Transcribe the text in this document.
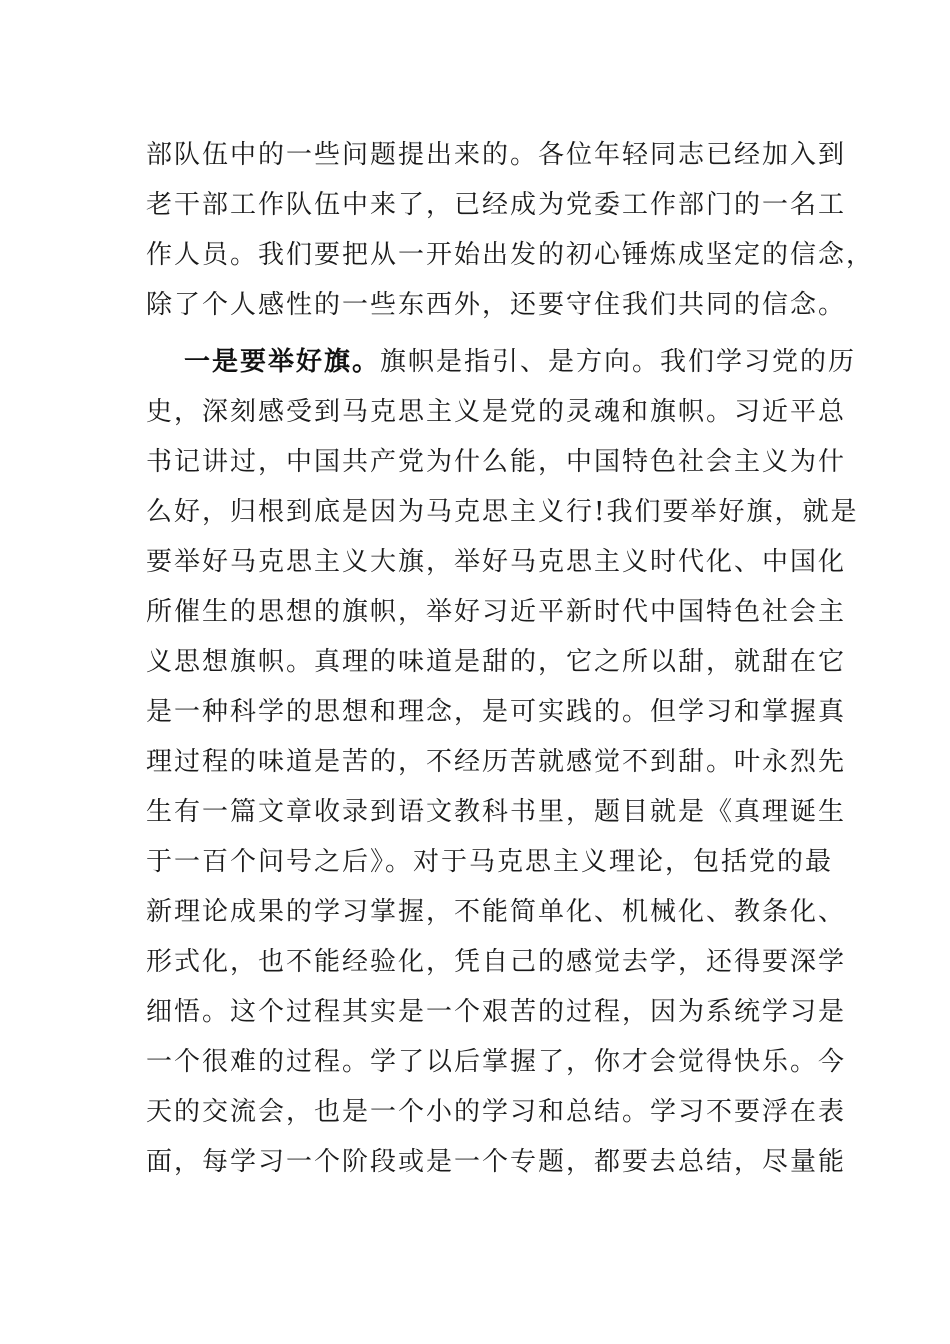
部队伍中的一些问题提出来的。各位年轻同志已经加入到
老干部工作队伍中来了，已经成为党委工作部门的一名工
作人员。我们要把从一开始出发的初心锤炼成坚定的信念，
除了个人感性的一些东西外，还要守住我们共同的信念。
一是要举好旗。旗帜是指引、是方向。我们学习党的历
史，深刻感受到马克思主义是党的灵魂和旗帜。习近平总
书记讲过，中国共产党为什么能，中国特色社会主义为什
么好，归根到底是因为马克思主义行!我们要举好旗，就是
要举好马克思主义大旗，举好马克思主义时代化、中国化
所催生的思想的旗帜，举好习近平新时代中国特色社会主
义思想旗帜。真理的味道是甜的，它之所以甜，就甜在它
是一种科学的思想和理念，是可实践的。但学习和掌握真
理过程的味道是苦的，不经历苦就感觉不到甜。叶永烈先
生有一篇文章收录到语文教科书里，题目就是《真理诞生
于一百个问号之后》。对于马克思主义理论，包括党的最
新理论成果的学习掌握，不能简单化、机械化、教条化、
形式化，也不能经验化，凭自己的感觉去学，还得要深学
细悟。这个过程其实是一个艰苦的过程，因为系统学习是
一个很难的过程。学了以后掌握了，你才会觉得快乐。今
天的交流会，也是一个小的学习和总结。学习不要浮在表
面，每学习一个阶段或是一个专题，都要去总结，尽量能
